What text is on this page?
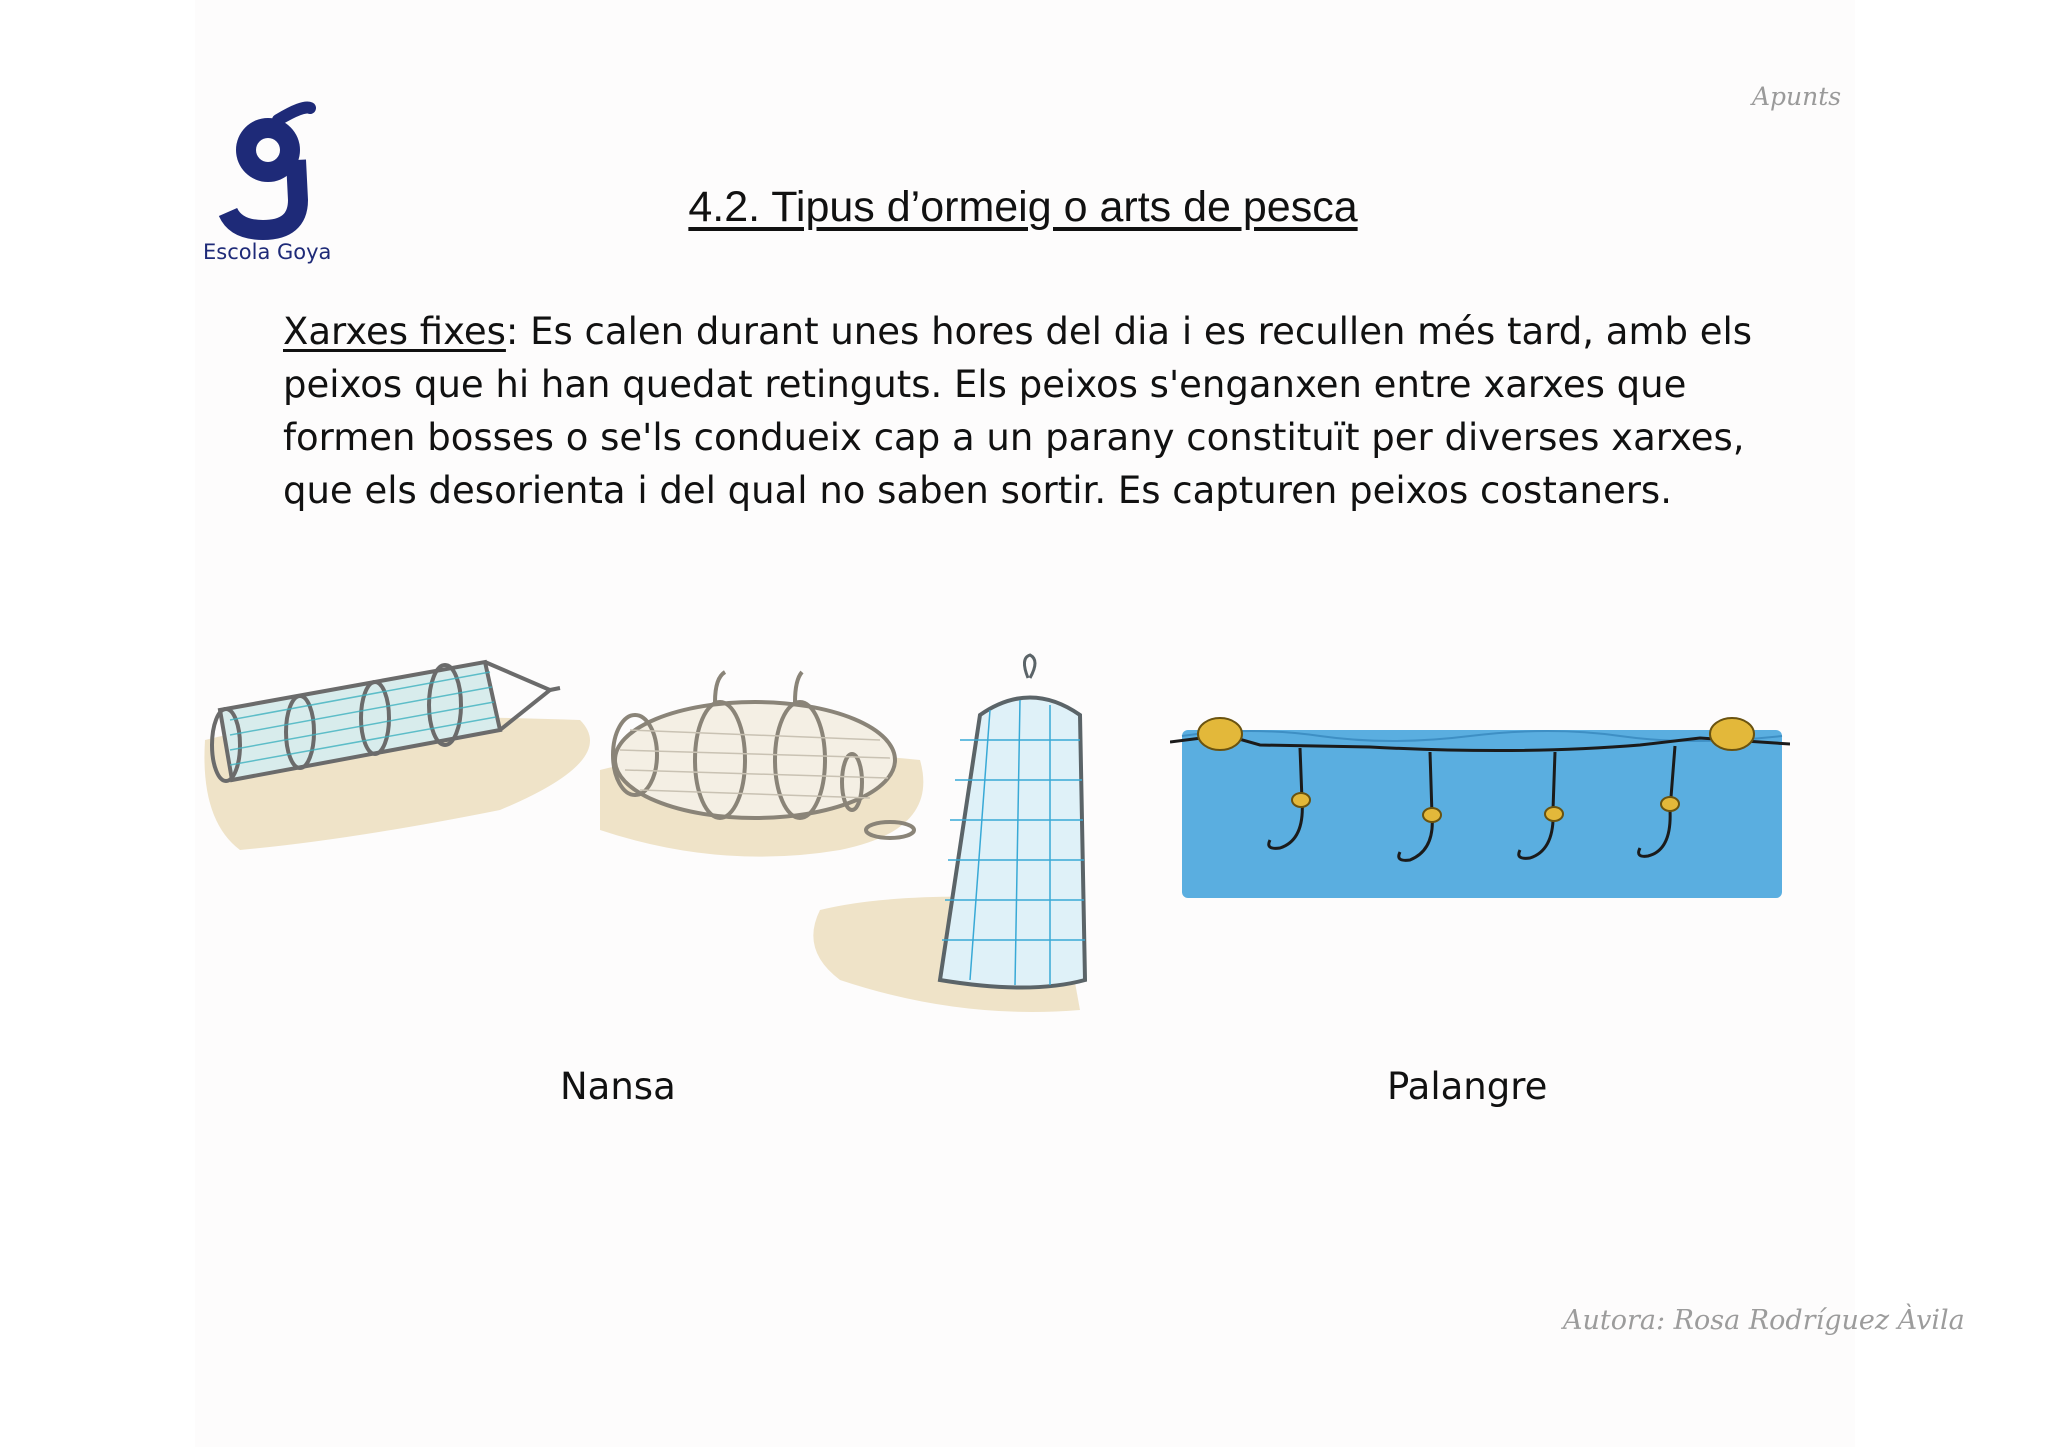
Escola Goya
Apunts
4.2. Tipus d’ormeig o arts de pesca
Xarxes fixes: Es calen durant unes hores del dia i es recullen més tard, amb els peixos que hi han quedat retinguts. Els peixos s'enganxen entre xarxes que formen bosses o se'ls condueix cap a un parany constituït per diverses xarxes, que els desorienta i del qual no saben sortir. Es capturen peixos costaners.
Nansa	Palangre
Autora: Rosa Rodríguez Àvila
